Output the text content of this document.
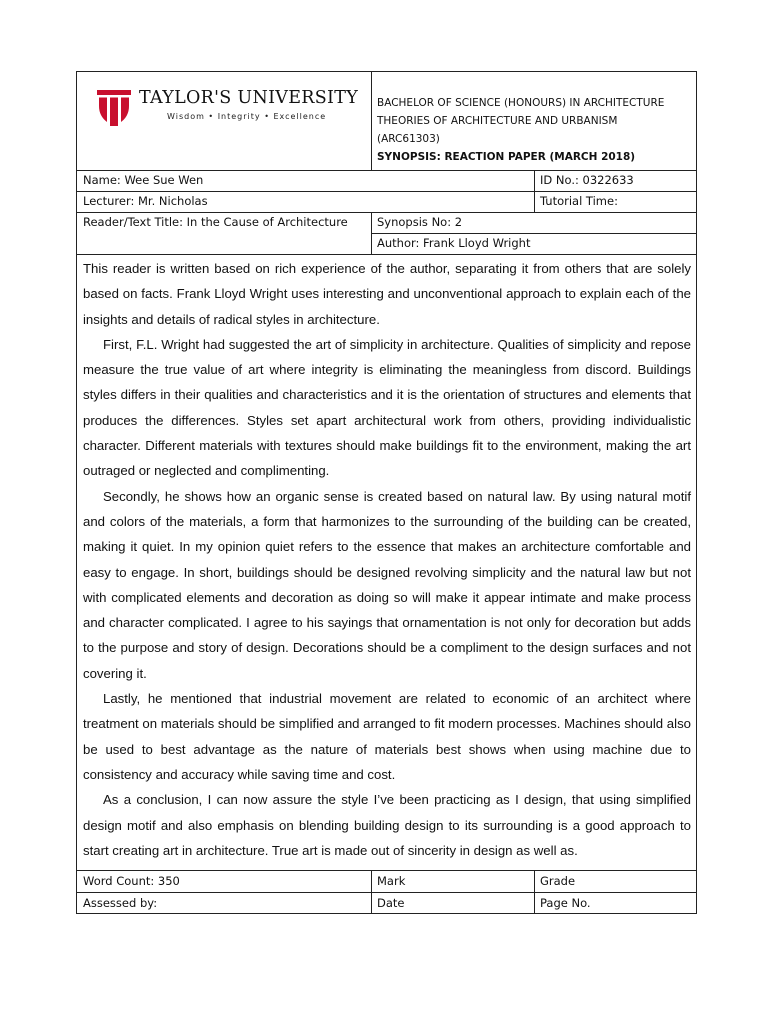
TAYLOR'S UNIVERSITY
Wisdom • Integrity • Excellence
BACHELOR OF SCIENCE (HONOURS) IN ARCHITECTURE
THEORIES OF ARCHITECTURE AND URBANISM
(ARC61303)
SYNOPSIS: REACTION PAPER (MARCH 2018)
Name: Wee Sue Wen	ID No.: 0322633
Lecturer: Mr. Nicholas	Tutorial Time:
Reader/Text Title: In the Cause of Architecture	Synopsis No: 2
Author: Frank Lloyd Wright

This reader is written based on rich experience of the author, separating it from others that are solely based on facts. Frank Lloyd Wright uses interesting and unconventional approach to explain each of the insights and details of radical styles in architecture.

First, F.L. Wright had suggested the art of simplicity in architecture. Qualities of simplicity and repose measure the true value of art where integrity is eliminating the meaningless from discord. Buildings styles differs in their qualities and characteristics and it is the orientation of structures and elements that produces the differences. Styles set apart architectural work from others, providing individualistic character. Different materials with textures should make buildings fit to the environment, making the art outraged or neglected and complimenting.

Secondly, he shows how an organic sense is created based on natural law. By using natural motif and colors of the materials, a form that harmonizes to the surrounding of the building can be created, making it quiet. In my opinion quiet refers to the essence that makes an architecture comfortable and easy to engage. In short, buildings should be designed revolving simplicity and the natural law but not with complicated elements and decoration as doing so will make it appear intimate and make process and character complicated. I agree to his sayings that ornamentation is not only for decoration but adds to the purpose and story of design. Decorations should be a compliment to the design surfaces and not covering it.

Lastly, he mentioned that industrial movement are related to economic of an architect where treatment on materials should be simplified and arranged to fit modern processes. Machines should also be used to best advantage as the nature of materials best shows when using machine due to consistency and accuracy while saving time and cost.

As a conclusion, I can now assure the style I’ve been practicing as I design, that using simplified design motif and also emphasis on blending building design to its surrounding is a good approach to start creating art in architecture. True art is made out of sincerity in design as well as.

Word Count: 350	Mark	Grade
Assessed by:	Date	Page No.
